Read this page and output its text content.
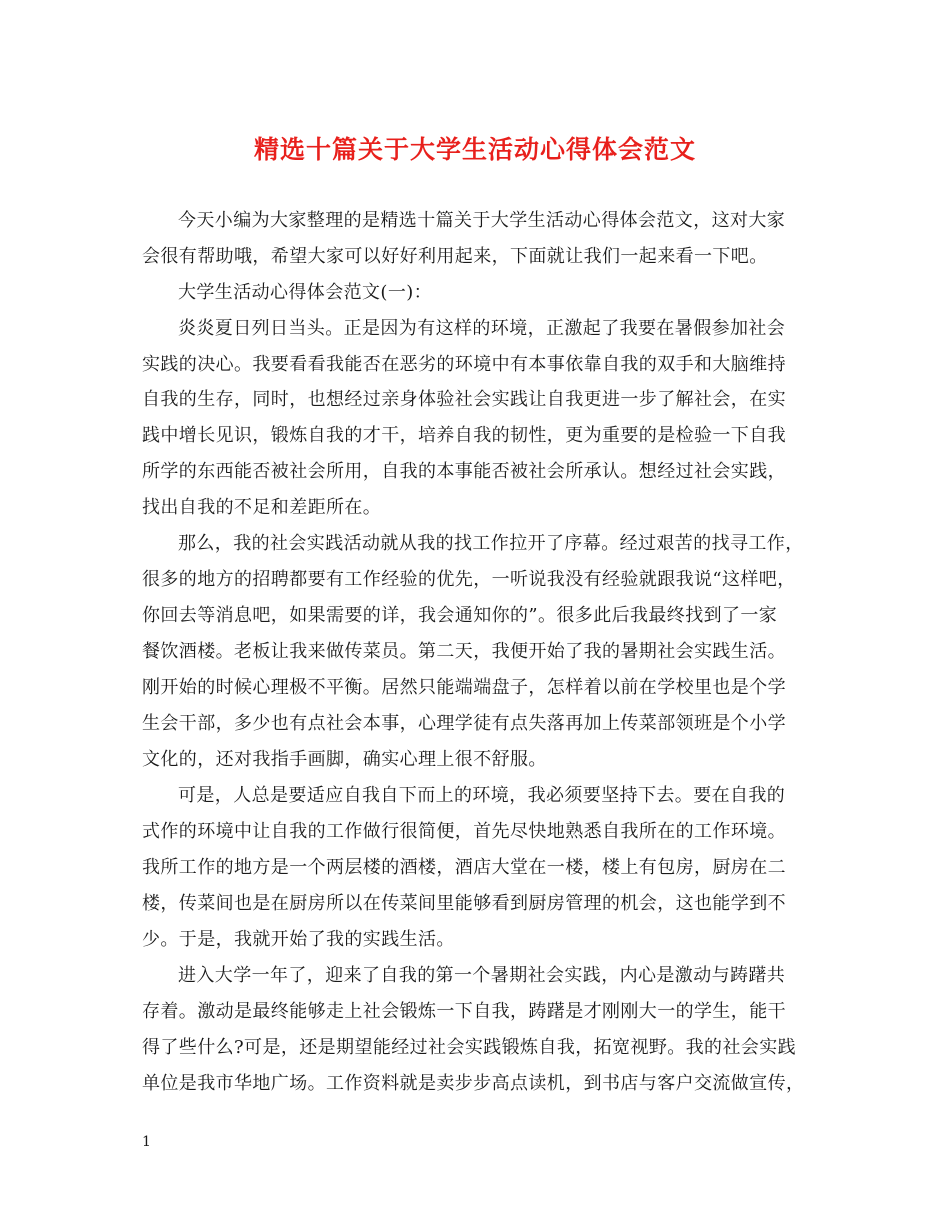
精选十篇关于大学生活动心得体会范文
今天小编为大家整理的是精选十篇关于大学生活动心得体会范文，这对大家
会很有帮助哦，希望大家可以好好利用起来，下面就让我们一起来看一下吧。
大学生活动心得体会范文(一)：
炎炎夏日列日当头。正是因为有这样的环境，正激起了我要在暑假参加社会
实践的决心。我要看看我能否在恶劣的环境中有本事依靠自我的双手和大脑维持
自我的生存，同时，也想经过亲身体验社会实践让自我更进一步了解社会，在实
践中增长见识，锻炼自我的才干，培养自我的韧性，更为重要的是检验一下自我
所学的东西能否被社会所用，自我的本事能否被社会所承认。想经过社会实践，
找出自我的不足和差距所在。
那么，我的社会实践活动就从我的找工作拉开了序幕。经过艰苦的找寻工作，
很多的地方的招聘都要有工作经验的优先，一听说我没有经验就跟我说“这样吧，
你回去等消息吧，如果需要的详，我会通知你的”。很多此后我最终找到了一家
餐饮酒楼。老板让我来做传菜员。第二天，我便开始了我的暑期社会实践生活。
刚开始的时候心理极不平衡。居然只能端端盘子，怎样着以前在学校里也是个学
生会干部，多少也有点社会本事，心理学徒有点失落再加上传菜部领班是个小学
文化的，还对我指手画脚，确实心理上很不舒服。
可是，人总是要适应自我自下而上的环境，我必须要坚持下去。要在自我的
式作的环境中让自我的工作做行很简便，首先尽快地熟悉自我所在的工作环境。
我所工作的地方是一个两层楼的酒楼，酒店大堂在一楼，楼上有包房，厨房在二
楼，传菜间也是在厨房所以在传菜间里能够看到厨房管理的机会，这也能学到不
少。于是，我就开始了我的实践生活。
进入大学一年了，迎来了自我的第一个暑期社会实践，内心是激动与踌躇共
存着。激动是最终能够走上社会锻炼一下自我，踌躇是才刚刚大一的学生，能干
得了些什么?可是，还是期望能经过社会实践锻炼自我，拓宽视野。我的社会实践
单位是我市华地广场。工作资料就是卖步步高点读机，到书店与客户交流做宣传，
1
